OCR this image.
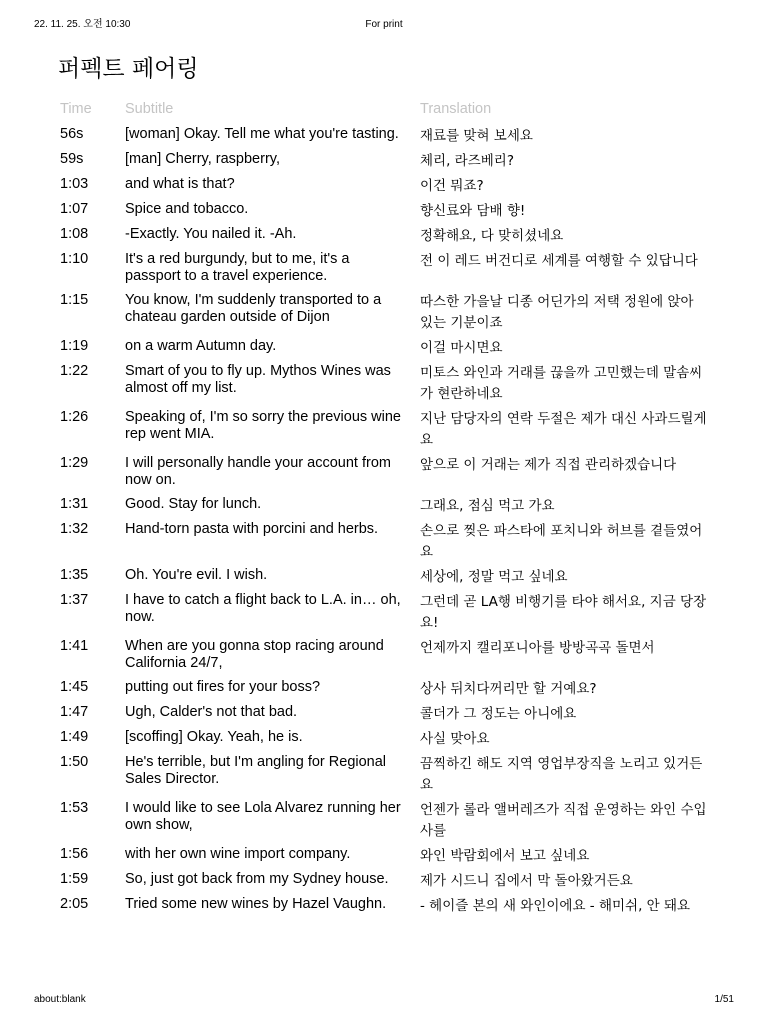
22. 11. 25. 오전 10:30	For print
퍼펙트 페어링
Time	Subtitle	Translation
56s	[woman] Okay. Tell me what you're tasting.	재료를 맞혀 보세요
59s	[man] Cherry, raspberry,	체리, 라즈베리?
1:03	and what is that?	이건 뭐죠?
1:07	Spice and tobacco.	향신료와 담배 향!
1:08	-Exactly. You nailed it. -Ah.	정확해요, 다 맞히셨네요
1:10	It's a red burgundy, but to me, it's a passport to a travel experience.	전 이 레드 버건디로 세계를 여행할 수 있답니다
1:15	You know, I'm suddenly transported to a chateau garden outside of Dijon	따스한 가을날 디종 어딘가의 저택 정원에 앉아 있는 기분이죠
1:19	on a warm Autumn day.	이걸 마시면요
1:22	Smart of you to fly up. Mythos Wines was almost off my list.	미토스 와인과 거래를 끊을까 고민했는데 말솜씨가 현란하네요
1:26	Speaking of, I'm so sorry the previous wine rep went MIA.	지난 담당자의 연락 두절은 제가 대신 사과드릴게요
1:29	I will personally handle your account from now on.	앞으로 이 거래는 제가 직접 관리하겠습니다
1:31	Good. Stay for lunch.	그래요, 점심 먹고 가요
1:32	Hand-torn pasta with porcini and herbs.	손으로 찢은 파스타에 포치니와 허브를 곁들였어요
1:35	Oh. You're evil. I wish.	세상에, 정말 먹고 싶네요
1:37	I have to catch a flight back to L.A. in… oh, now.	그런데 곧 LA행 비행기를 타야 해서요, 지금 당장요!
1:41	When are you gonna stop racing around California 24/7,	언제까지 캘리포니아를 방방곡곡 돌면서
1:45	putting out fires for your boss?	상사 뒤치다꺼리만 할 거예요?
1:47	Ugh, Calder's not that bad.	콜더가 그 정도는 아니에요
1:49	[scoffing] Okay. Yeah, he is.	사실 맞아요
1:50	He's terrible, but I'm angling for Regional Sales Director.	끔찍하긴 해도 지역 영업부장직을 노리고 있거든요
1:53	I would like to see Lola Alvarez running her own show,	언젠가 롤라 앨버레즈가 직접 운영하는 와인 수입사를
1:56	with her own wine import company.	와인 박람회에서 보고 싶네요
1:59	So, just got back from my Sydney house.	제가 시드니 집에서 막 돌아왔거든요
2:05	Tried some new wines by Hazel Vaughn.	- 헤이즐 본의 새 와인이에요 - 해미쉬, 안 돼요
about:blank	1/51
